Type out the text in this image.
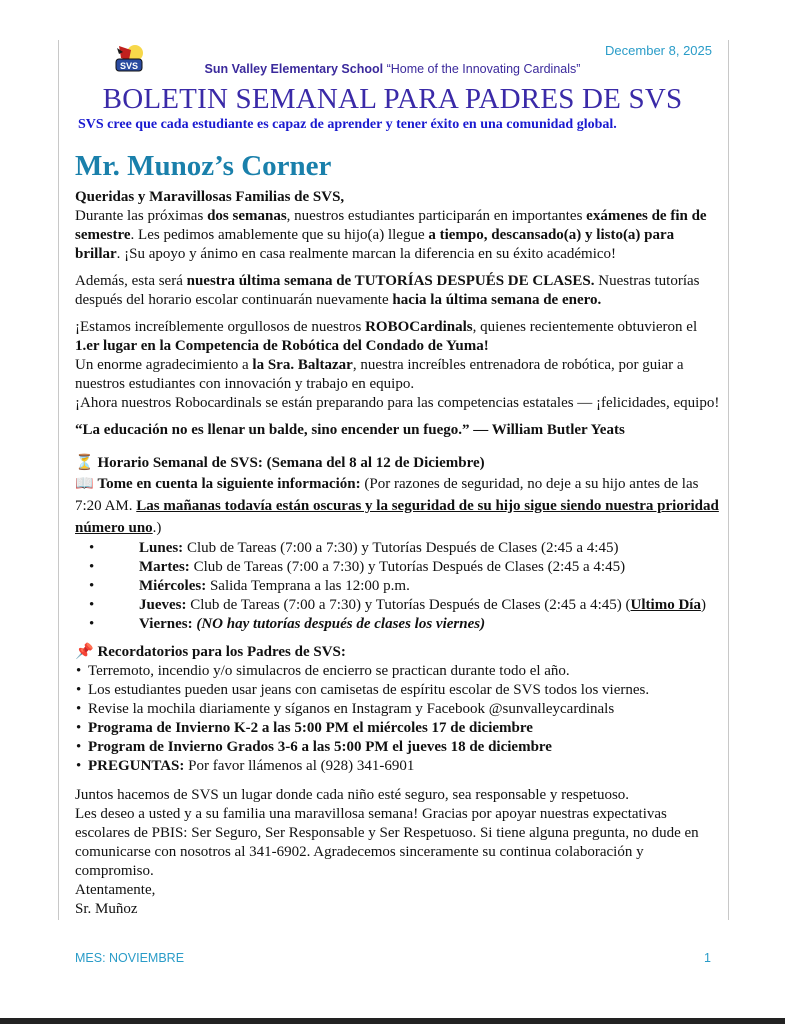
SVS
December 8, 2025
Sun Valley Elementary School “Home of the Innovating Cardinals”
BOLETIN SEMANAL PARA PADRES DE SVS
SVS cree que cada estudiante es capaz de aprender y tener éxito en una comunidad global.
Mr. Munoz’s Corner

Queridas y Maravillosas Familias de SVS,
Durante las próximas dos semanas, nuestros estudiantes participarán en importantes exámenes de fin de semestre. Les pedimos amablemente que su hijo(a) llegue a tiempo, descansado(a) y listo(a) para brillar. ¡Su apoyo y ánimo en casa realmente marcan la diferencia en su éxito académico!

Además, esta será nuestra última semana de TUTORÍAS DESPUÉS DE CLASES. Nuestras tutorías después del horario escolar continuarán nuevamente hacia la última semana de enero.

¡Estamos increíblemente orgullosos de nuestros ROBOCardinals, quienes recientemente obtuvieron el 1.er lugar en la Competencia de Robótica del Condado de Yuma!
Un enorme agradecimiento a la Sra. Baltazar, nuestra increíbles entrenadora de robótica, por guiar a nuestros estudiantes con innovación y trabajo en equipo.
¡Ahora nuestros Robocardinals se están preparando para las competencias estatales — ¡felicidades, equipo!

“La educación no es llenar un balde, sino encender un fuego.” — William Butler Yeats

⏳ Horario Semanal de SVS: (Semana del 8 al 12 de Diciembre)
📖 Tome en cuenta la siguiente información: (Por razones de seguridad, no deje a su hijo antes de las 7:20 AM. Las mañanas todavía están oscuras y la seguridad de su hijo sigue siendo nuestra prioridad número uno.)
• Lunes: Club de Tareas (7:00 a 7:30) y Tutorías Después de Clases (2:45 a 4:45)
• Martes: Club de Tareas (7:00 a 7:30) y Tutorías Después de Clases (2:45 a 4:45)
• Miércoles: Salida Temprana a las 12:00 p.m.
• Jueves: Club de Tareas (7:00 a 7:30) y Tutorías Después de Clases (2:45 a 4:45) (Ultimo Día)
• Viernes: (NO hay tutorías después de clases los viernes)
📌 Recordatorios para los Padres de SVS:
• Terremoto, incendio y/o simulacros de encierro se practican durante todo el año.
• Los estudiantes pueden usar jeans con camisetas de espíritu escolar de SVS todos los viernes.
• Revise la mochila diariamente y síganos en Instagram y Facebook @sunvalleycardinals
• Programa de Invierno K-2 a las 5:00 PM el miércoles 17 de diciembre
• Program de Invierno Grados 3-6 a las 5:00 PM el jueves 18 de diciembre
• PREGUNTAS: Por favor llámenos al (928) 341-6901

Juntos hacemos de SVS un lugar donde cada niño esté seguro, sea responsable y respetuoso.
Les deseo a usted y a su familia una maravillosa semana! Gracias por apoyar nuestras expectativas escolares de PBIS: Ser Seguro, Ser Responsable y Ser Respetuoso. Si tiene alguna pregunta, no dude en comunicarse con nosotros al 341-6902. Agradecemos sinceramente su continua colaboración y compromiso.
Atentamente,
Sr. Muñoz

MES: NOVIEMBRE	1
